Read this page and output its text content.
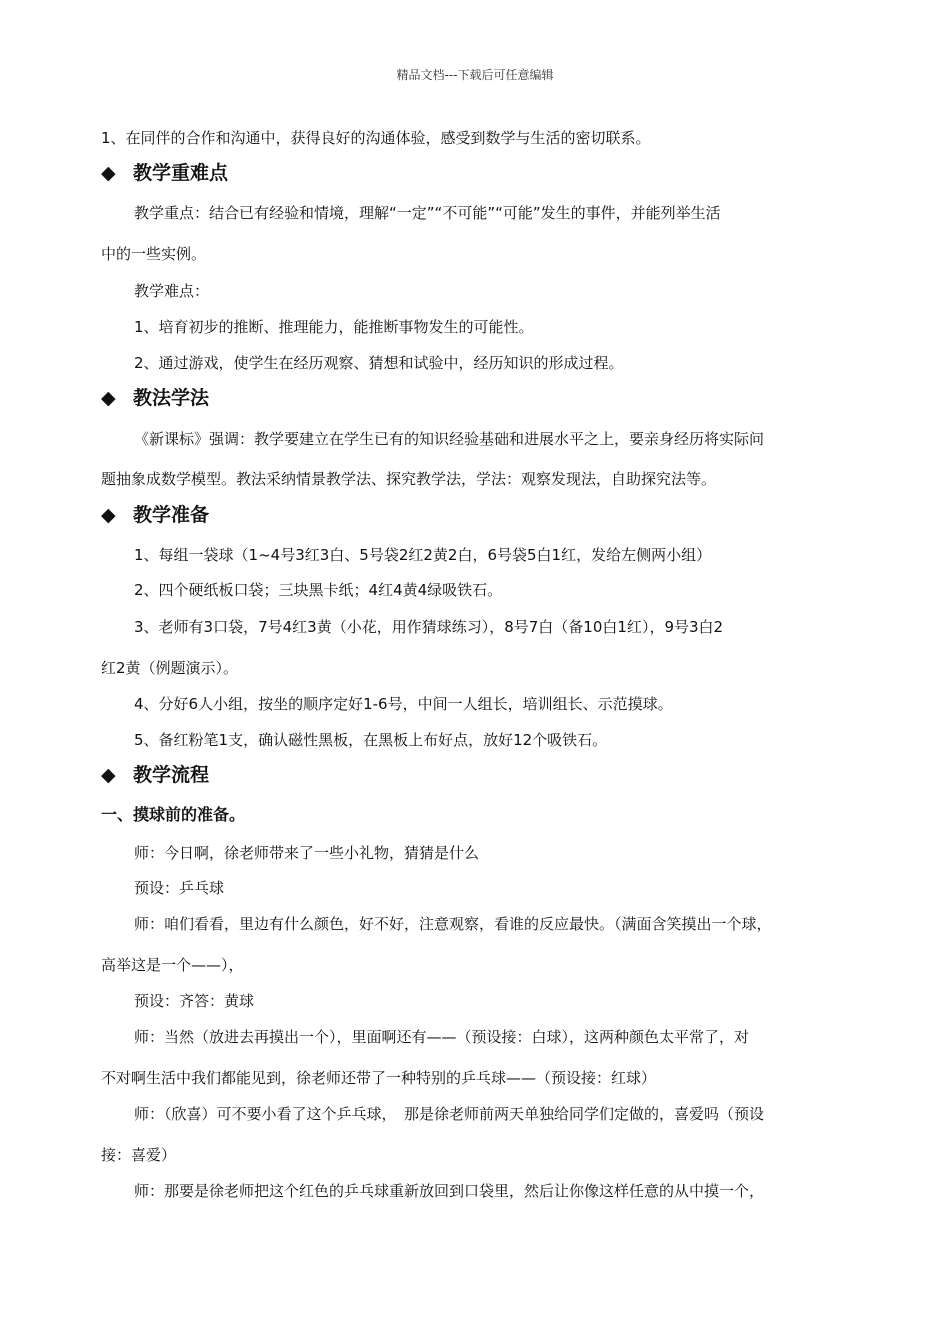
精品文档---下载后可任意编辑
1、在同伴的合作和沟通中，获得良好的沟通体验，感受到数学与生活的密切联系。
◆ 教学重难点
教学重点：结合已有经验和情境，理解“一定”“不可能”“可能”发生的事件，并能列举生活
中的一些实例。
教学难点：
1、培育初步的推断、推理能力，能推断事物发生的可能性。
2、通过游戏，使学生在经历观察、猜想和试验中，经历知识的形成过程。
◆ 教法学法
《新课标》强调：教学要建立在学生已有的知识经验基础和进展水平之上，要亲身经历将实际问
题抽象成数学模型。教法采纳情景教学法、探究教学法，学法：观察发现法，自助探究法等。
◆ 教学准备
1、每组一袋球（1~4号3红3白、5号袋2红2黄2白，6号袋5白1红，发给左侧两小组）
2、四个硬纸板口袋；三块黑卡纸；4红4黄4绿吸铁石。
3、老师有3口袋，7号4红3黄（小花，用作猜球练习），8号7白（备10白1红），9号3白2
红2黄（例题演示）。
4、分好6人小组，按坐的顺序定好1-6号，中间一人组长，培训组长、示范摸球。
5、备红粉笔1支，确认磁性黑板，在黑板上布好点，放好12个吸铁石。
◆ 教学流程
一、摸球前的准备。
师：今日啊，徐老师带来了一些小礼物，猜猜是什么
预设：乒乓球
师：咱们看看，里边有什么颜色，好不好，注意观察，看谁的反应最快。（满面含笑摸出一个球，
高举这是一个——），
预设：齐答：黄球
师：当然（放进去再摸出一个），里面啊还有——（预设接：白球），这两种颜色太平常了，对
不对啊生活中我们都能见到，徐老师还带了一种特别的乒乓球——（预设接：红球）
师：（欣喜）可不要小看了这个乒乓球，　那是徐老师前两天单独给同学们定做的，喜爱吗（预设
接：喜爱）
师：那要是徐老师把这个红色的乒乓球重新放回到口袋里，然后让你像这样任意的从中摸一个，
